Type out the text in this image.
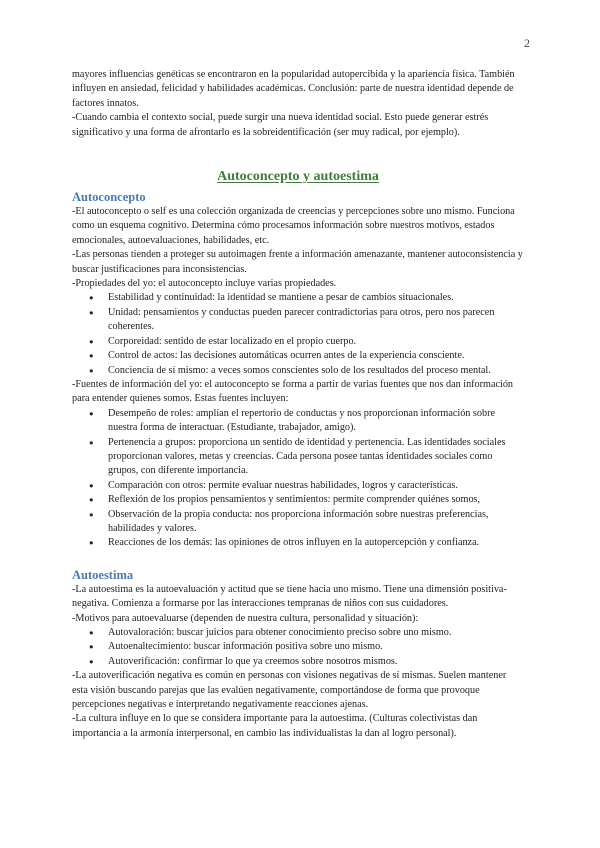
2

mayores influencias genéticas se encontraron en la popularidad autopercibida y la apariencia física. También influyen en ansiedad, felicidad y habilidades académicas. Conclusión: parte de nuestra identidad depende de factores innatos.

-Cuando cambia el contexto social, puede surgir una nueva identidad social. Esto puede generar estrés significativo y una forma de afrontarlo es la sobreidentificación (ser muy radical, por ejemplo).

Autoconcepto y autoestima
Autoconcepto

-El autoconcepto o self es una colección organizada de creencias y percepciones sobre uno mismo. Funciona como un esquema cognitivo. Determina cómo procesamos información sobre nuestros motivos, estados emocionales, autoevaluaciones, habilidades, etc.

-Las personas tienden a proteger su autoimagen frente a información amenazante, mantener autoconsistencia y buscar justificaciones para inconsistencias.

-Propiedades del yo: el autoconcepto incluye varias propiedades.

● Estabilidad y continuidad: la identidad se mantiene a pesar de cambios situacionales.
● Unidad: pensamientos y conductas pueden parecer contradictorias para otros, pero nos parecen coherentes.
● Corporeidad: sentido de estar localizado en el propio cuerpo.
● Control de actos: las decisiones automáticas ocurren antes de la experiencia consciente.
● Conciencia de sí mismo: a veces somos conscientes solo de los resultados del proceso mental.

-Fuentes de información del yo: el autoconcepto se forma a partir de varias fuentes que nos dan información para entender quienes somos. Estas fuentes incluyen:

● Desempeño de roles: amplían el repertorio de conductas y nos proporcionan información sobre nuestra forma de interactuar. (Estudiante, trabajador, amigo).
● Pertenencia a grupos: proporciona un sentido de identidad y pertenencia. Las identidades sociales proporcionan valores, metas y creencias. Cada persona posee tantas identidades sociales como grupos, con diferente importancia.
● Comparación con otros: permite evaluar nuestras habilidades, logros y características.
● Reflexión de los propios pensamientos y sentimientos: permite comprender quiénes somos,
● Observación de la propia conducta: nos proporciona información sobre nuestras preferencias, habilidades y valores.
● Reacciones de los demás: las opiniones de otros influyen en la autopercepción y confianza.
Autoestima

-La autoestima es la autoevaluación y actitud que se tiene hacia uno mismo. Tiene una dimensión positiva-negativa. Comienza a formarse por las interacciones tempranas de niños con sus cuidadores.

-Motivos para autoevaluarse (dependen de nuestra cultura, personalidad y situación):

● Autovaloración: buscar juicios para obtener conocimiento preciso sobre uno mismo.
● Autoenaltecimiento: buscar información positiva sobre uno mismo.
● Autoverificación: confirmar lo que ya creemos sobre nosotros mismos.

-La autoverificación negativa es común en personas con visiones negativas de sí mismas. Suelen mantener esta visión buscando parejas que las evalúen negativamente, comportándose de forma que provoque percepciones negativas e interpretando negativamente reacciones ajenas.

-La cultura influye en lo que se considera importante para la autoestima. (Culturas colectivistas dan importancia a la armonía interpersonal, en cambio las individualistas la dan al logro personal).
